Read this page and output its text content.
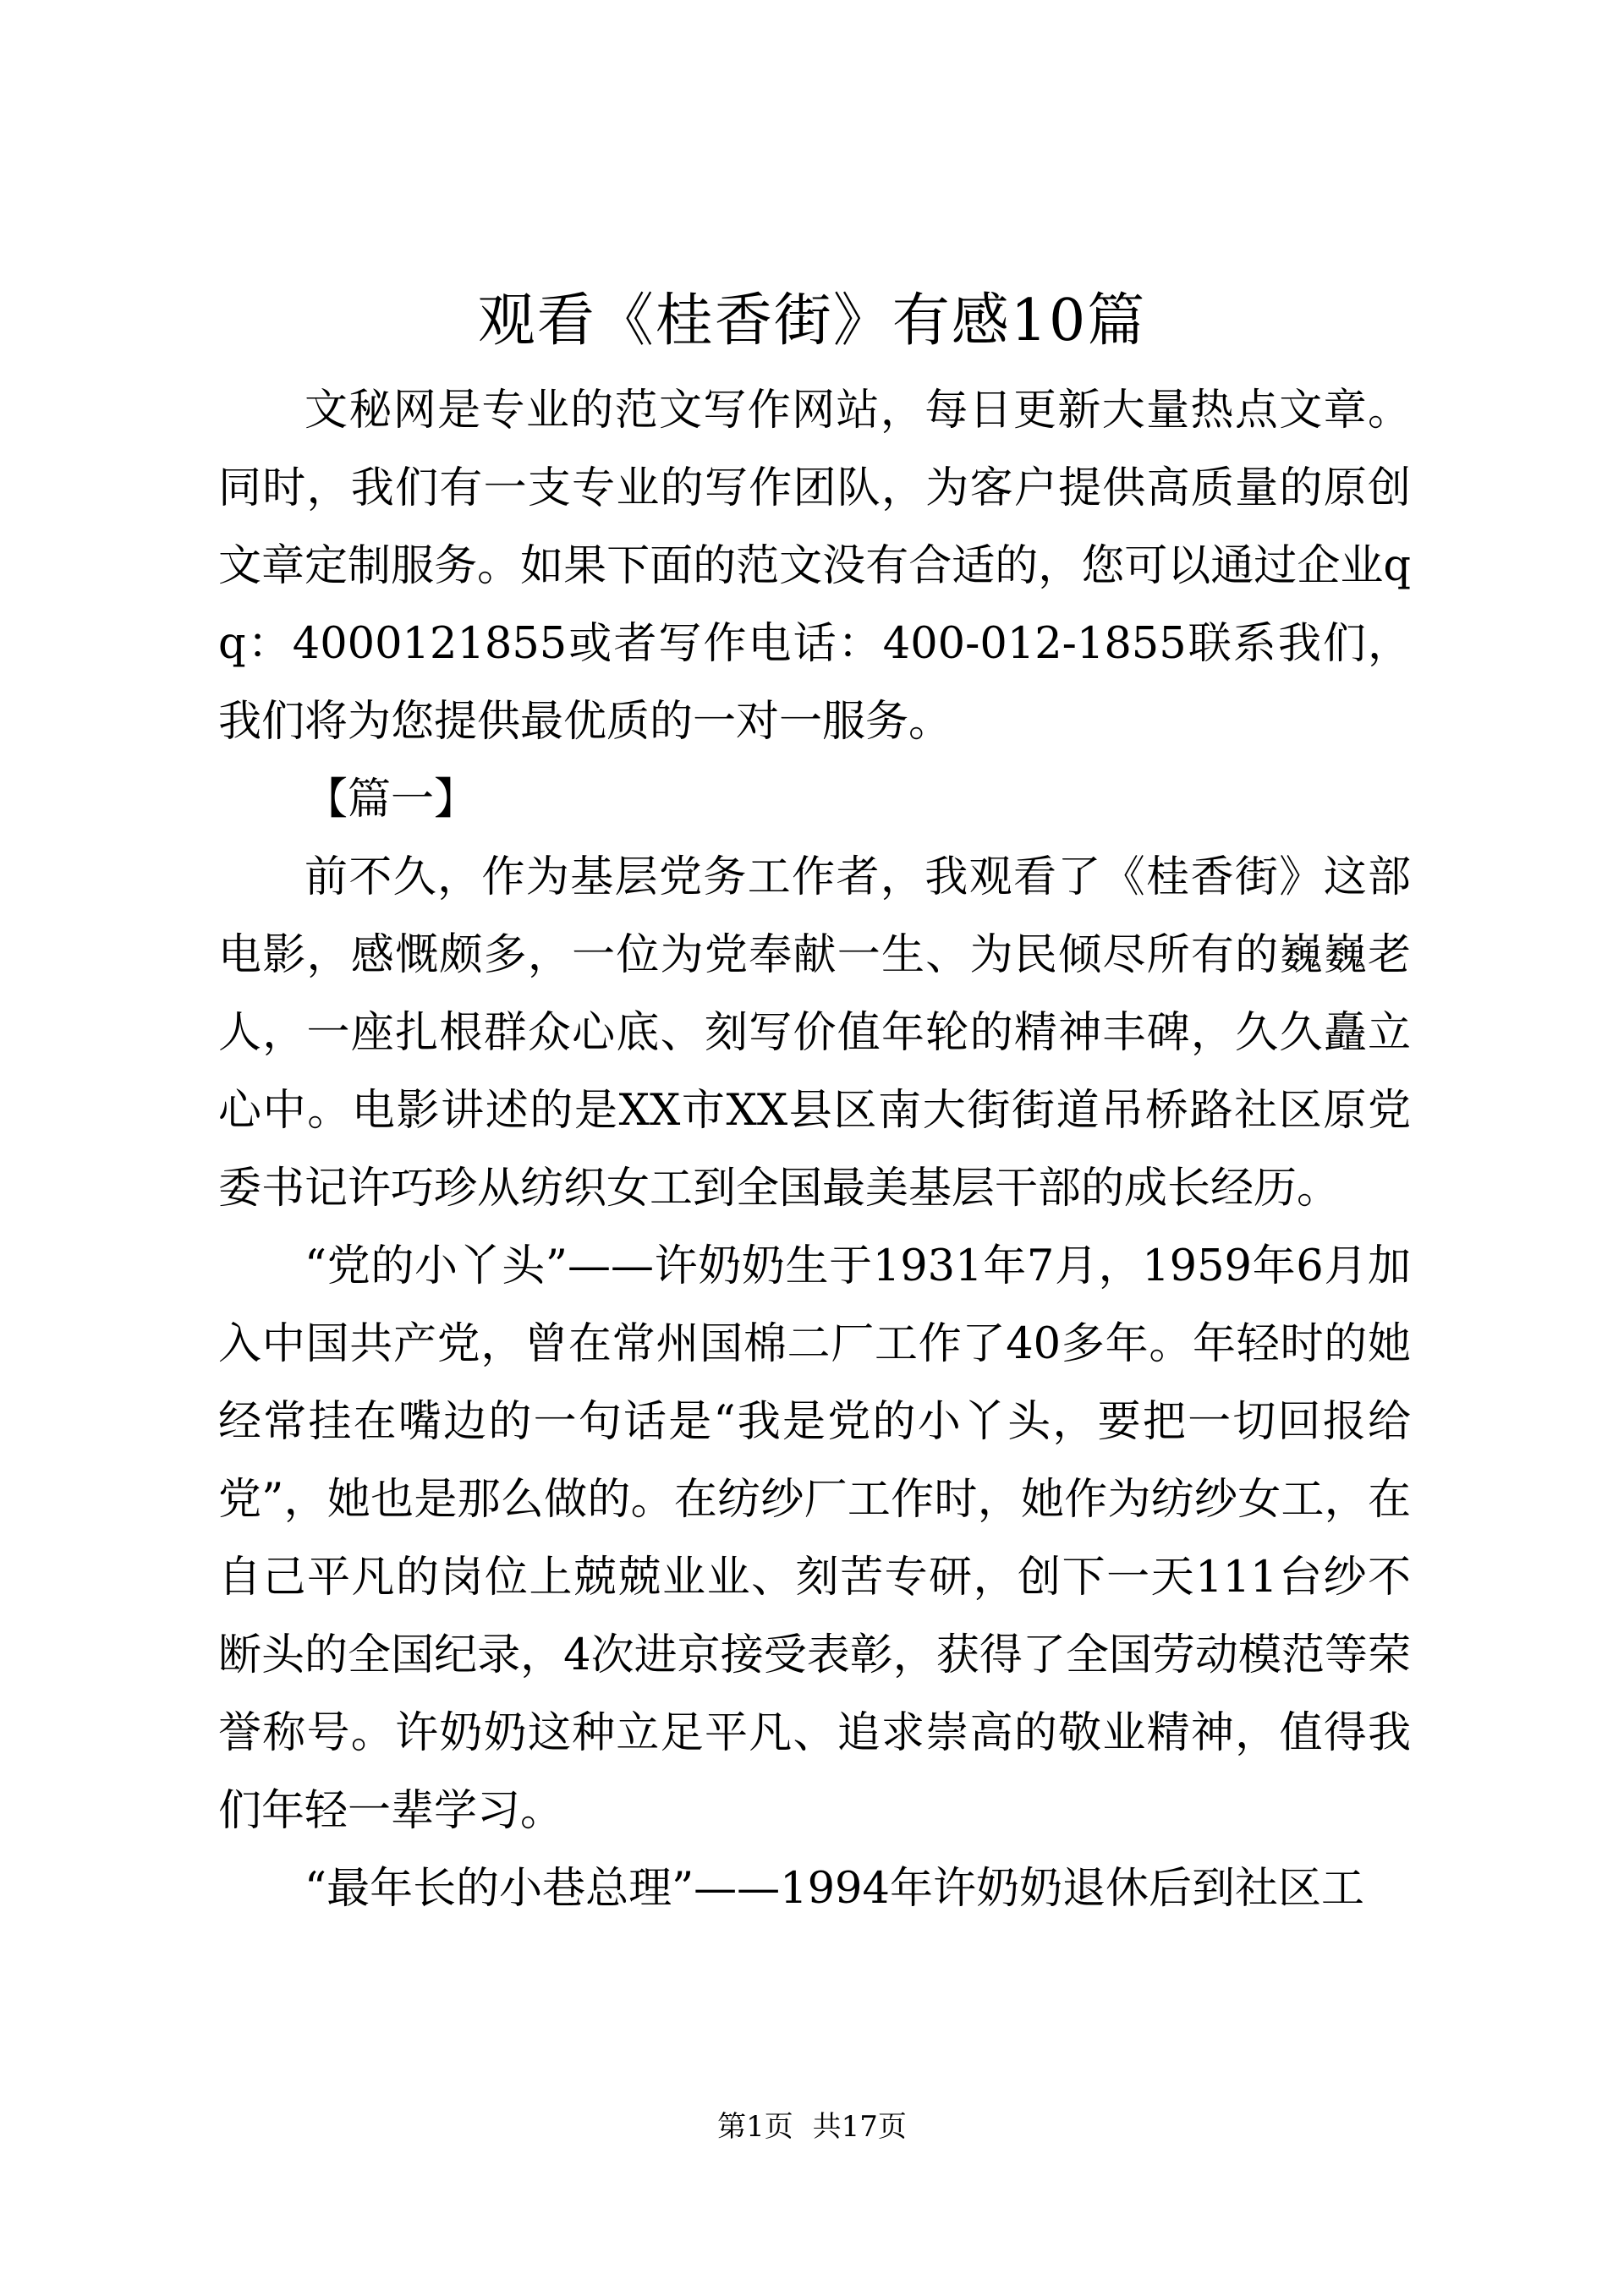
观看《桂香街》有感10篇

文秘网是专业的范文写作网站，每日更新大量热点文章。同时，我们有一支专业的写作团队，为客户提供高质量的原创文章定制服务。如果下面的范文没有合适的，您可以通过企业qq：4000121855或者写作电话：400-012-1855联系我们，我们将为您提供最优质的一对一服务。

【篇一】

前不久，作为基层党务工作者，我观看了《桂香街》这部电影，感慨颇多，一位为党奉献一生、为民倾尽所有的巍巍老人，一座扎根群众心底、刻写价值年轮的精神丰碑，久久矗立心中。电影讲述的是XX市XX县区南大街街道吊桥路社区原党委书记许巧珍从纺织女工到全国最美基层干部的成长经历。

“党的小丫头”——许奶奶生于1931年7月，1959年6月加入中国共产党，曾在常州国棉二厂工作了40多年。年轻时的她经常挂在嘴边的一句话是“我是党的小丫头，要把一切回报给党”，她也是那么做的。在纺纱厂工作时，她作为纺纱女工，在自己平凡的岗位上兢兢业业、刻苦专研，创下一天111台纱不断头的全国纪录，4次进京接受表彰，获得了全国劳动模范等荣誉称号。许奶奶这种立足平凡、追求崇高的敬业精神，值得我们年轻一辈学习。

“最年长的小巷总理”——1994年许奶奶退休后到社区工

第1页 共17页
